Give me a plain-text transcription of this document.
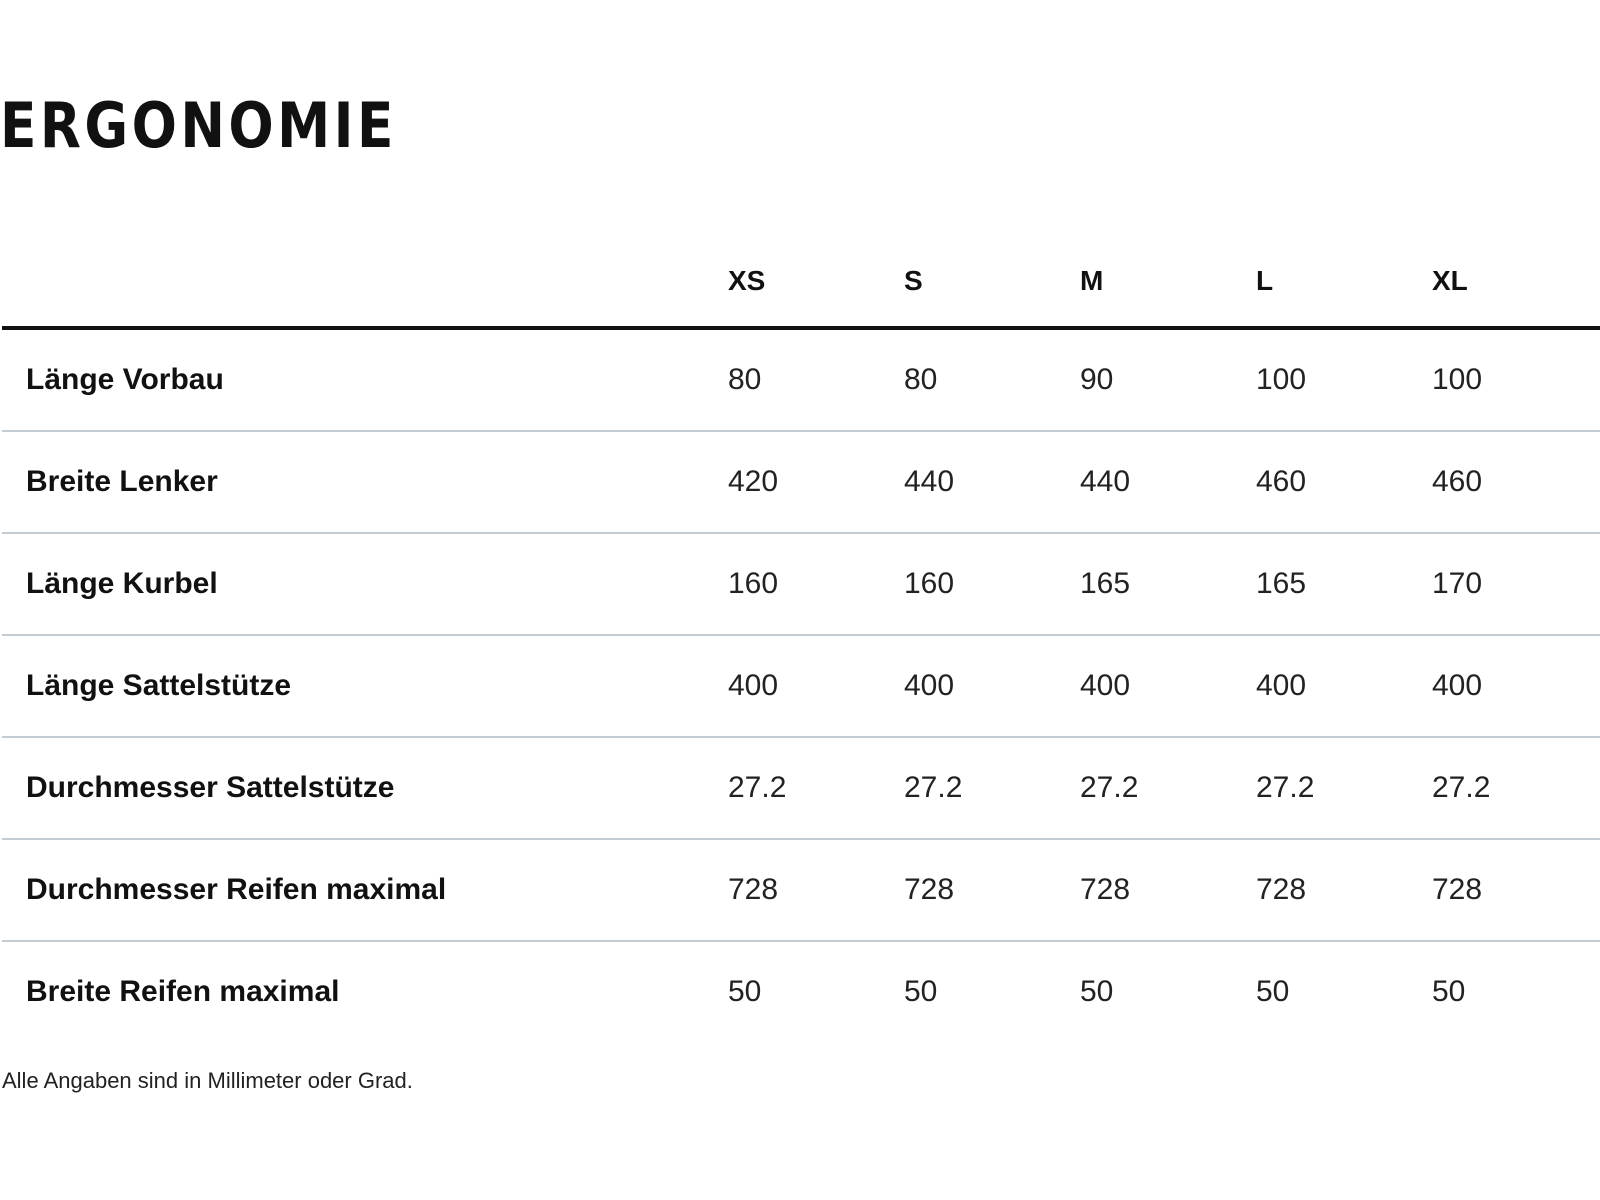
ERGONOMIE
	XS	S	M	L	XL
Länge Vorbau	80	80	90	100	100
Breite Lenker	420	440	440	460	460
Länge Kurbel	160	160	165	165	170
Länge Sattelstütze	400	400	400	400	400
Durchmesser Sattelstütze	27.2	27.2	27.2	27.2	27.2
Durchmesser Reifen maximal	728	728	728	728	728
Breite Reifen maximal	50	50	50	50	50

Alle Angaben sind in Millimeter oder Grad.
